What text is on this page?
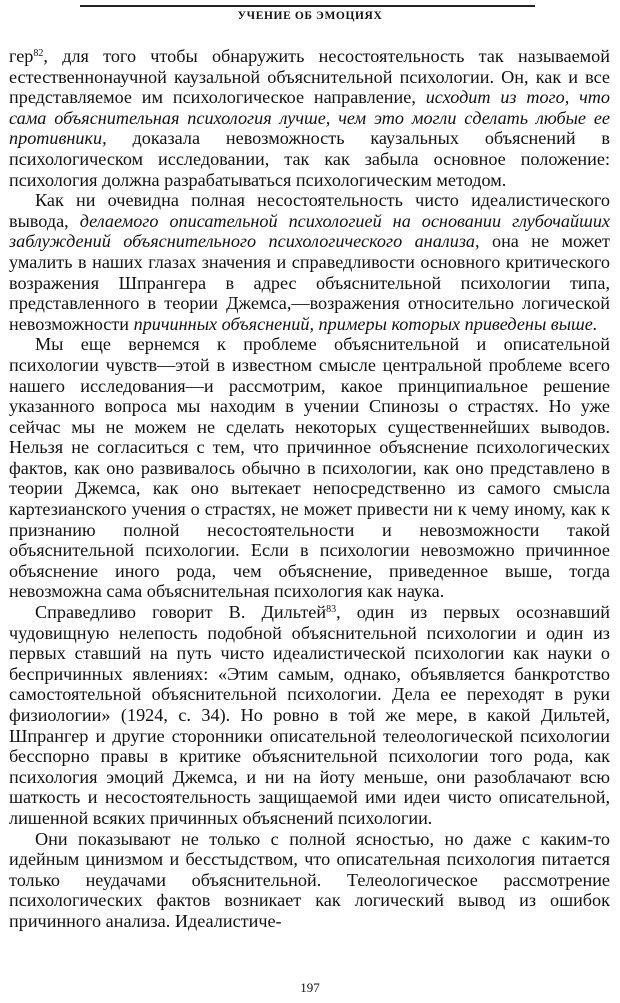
УЧЕНИЕ ОБ ЭМОЦИЯХ

гер$^{82}$, для того чтобы обнаружить несостоятельность так называемой естественнонаучной каузальной объяснительной психологии. Он, как и все представляемое им психологическое направление, исходит из того, что сама объяснительная психология лучше, чем это могли сделать любые ее противники, доказала невозможность каузальных объяснений в психологическом исследовании, так как забыла основное положение: психология должна разрабатываться психологическим методом.

Как ни очевидна полная несостоятельность чисто идеалистического вывода, делаемого описательной психологией на основании глубочайших заблуждений объяснительного психологического анализа, она не может умалить в наших глазах значения и справедливости основного критического возражения Шпрангера в адрес объяснительной психологии типа, представленного в теории Джемса,—возражения относительно логической невозможности причинных объяснений, примеры которых приведены выше.

Мы еще вернемся к проблеме объяснительной и описательной психологии чувств—этой в известном смысле центральной проблеме всего нашего исследования—и рассмотрим, какое принципиальное решение указанного вопроса мы находим в учении Спинозы о страстях. Но уже сейчас мы не можем не сделать некоторых существеннейших выводов. Нельзя не согласиться с тем, что причинное объяснение психологических фактов, как оно развивалось обычно в психологии, как оно представлено в теории Джемса, как оно вытекает непосредственно из самого смысла картезианского учения о страстях, не может привести ни к чему иному, как к признанию полной несостоятельности и невозможности такой объяснительной психологии. Если в психологии невозможно причинное объяснение иного рода, чем объяснение, приведенное выше, тогда невозможна сама объяснительная психология как наука.

Справедливо говорит В. Дильтей$^{83}$, один из первых осознавший чудовищную нелепость подобной объяснительной психологии и один из первых ставший на путь чисто идеалистической психологии как науки о беспричинных явлениях: «Этим самым, однако, объявляется банкротство самостоятельной объяснительной психологии. Дела ее переходят в руки физиологии» (1924, с. 34). Но ровно в той же мере, в какой Дильтей, Шпрангер и другие сторонники описательной телеологической психологии бесспорно правы в критике объяснительной психологии того рода, как психология эмоций Джемса, и ни на йоту меньше, они разоблачают всю шаткость и несостоятельность защищаемой ими идеи чисто описательной, лишенной всяких причинных объяснений психологии.

Они показывают не только с полной ясностью, но даже с каким-то идейным цинизмом и бесстыдством, что описательная психология питается только неудачами объяснительной. Телеологическое рассмотрение психологических фактов возникает как логический вывод из ошибок причинного анализа. Идеалистиче-

197
